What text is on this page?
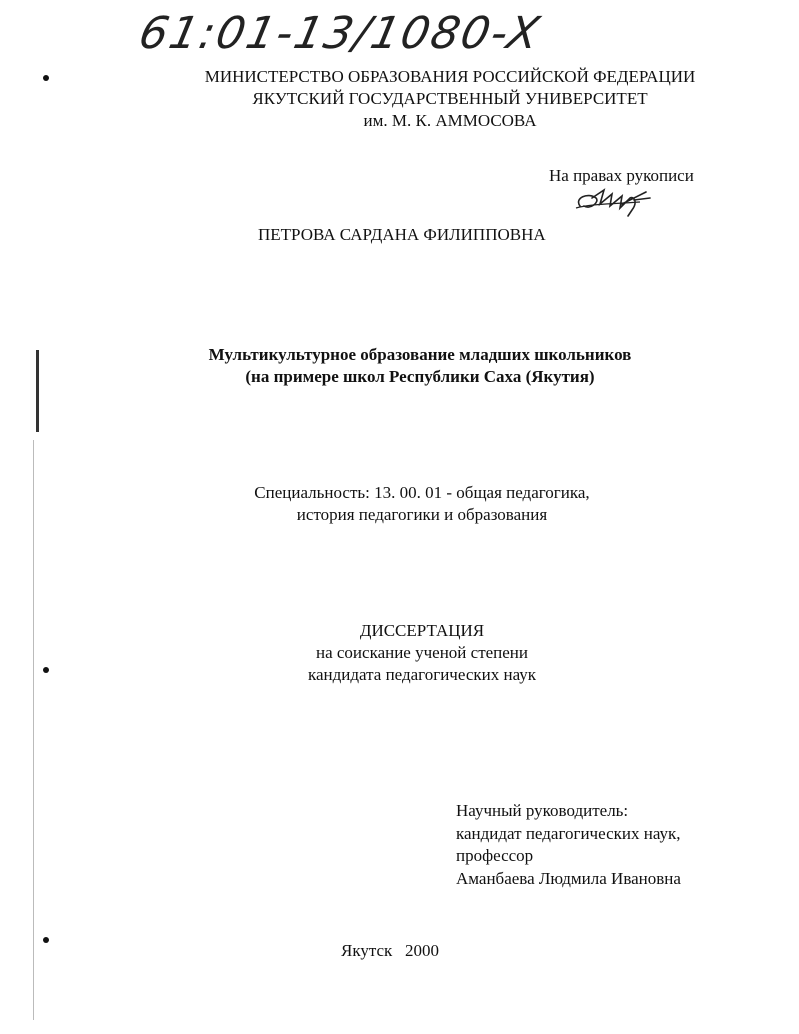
61:01-13/1080-X
МИНИСТЕРСТВО ОБРАЗОВАНИЯ РОССИЙСКОЙ ФЕДЕРАЦИИ
ЯКУТСКИЙ ГОСУДАРСТВЕННЫЙ УНИВЕРСИТЕТ
им. М. К. АММОСОВА
На правах рукописи
ПЕТРОВА САРДАНА ФИЛИППОВНА
Мультикультурное образование младших школьников
(на примере школ Республики Саха (Якутия)
Специальность: 13. 00. 01 - общая педагогика,
история педагогики и образования
ДИССЕРТАЦИЯ
на соискание ученой степени
кандидата педагогических наук
Научный руководитель:
кандидат педагогических наук,
профессор
Аманбаева Людмила Ивановна
Якутск   2000
